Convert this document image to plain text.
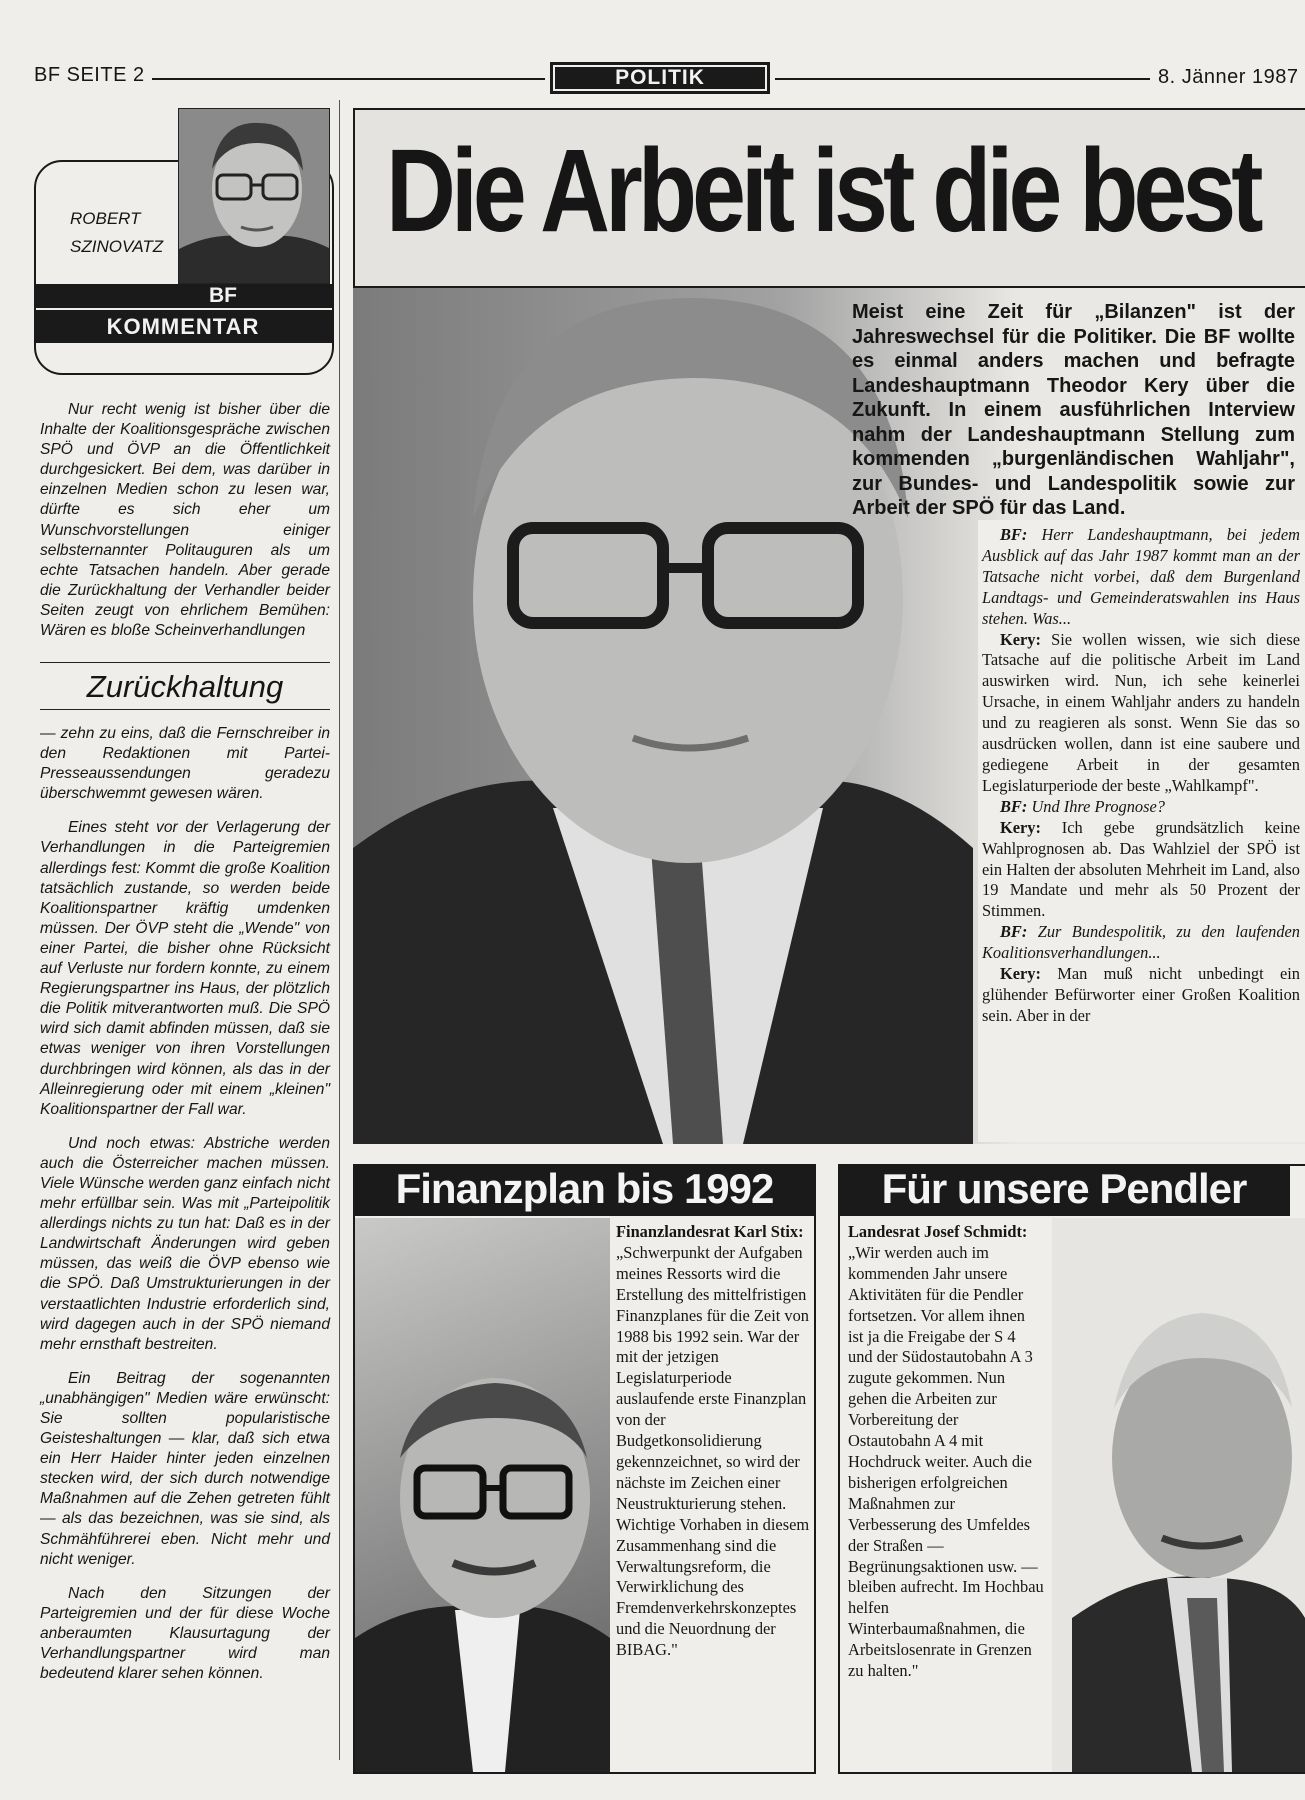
BF SEITE 2	POLITIK	8. Jänner 1987
ROBERT
SZINOVATZ
BF
KOMMENTAR

Nur recht wenig ist bisher über die Inhalte der Koalitionsgespräche zwischen SPÖ und ÖVP an die Öffentlichkeit durchgesickert. Bei dem, was darüber in einzelnen Medien schon zu lesen war, dürfte es sich eher um Wunschvorstellungen einiger selbsternannter Politauguren als um echte Tatsachen handeln. Aber gerade die Zurückhaltung der Verhandler beider Seiten zeugt von ehrlichem Bemühen: Wären es bloße Scheinverhandlungen

Zurückhaltung

— zehn zu eins, daß die Fernschreiber in den Redaktionen mit Partei-Presseaussendungen geradezu überschwemmt gewesen wären.

Eines steht vor der Verlagerung der Verhandlungen in die Parteigremien allerdings fest: Kommt die große Koalition tatsächlich zustande, so werden beide Koalitionspartner kräftig umdenken müssen. Der ÖVP steht die „Wende" von einer Partei, die bisher ohne Rücksicht auf Verluste nur fordern konnte, zu einem Regierungspartner ins Haus, der plötzlich die Politik mitverantworten muß. Die SPÖ wird sich damit abfinden müssen, daß sie etwas weniger von ihren Vorstellungen durchbringen wird können, als das in der Alleinregierung oder mit einem „kleinen" Koalitionspartner der Fall war.

Und noch etwas: Abstriche werden auch die Österreicher machen müssen. Viele Wünsche werden ganz einfach nicht mehr erfüllbar sein. Was mit „Parteipolitik allerdings nichts zu tun hat: Daß es in der Landwirtschaft Änderungen wird geben müssen, das weiß die ÖVP ebenso wie die SPÖ. Daß Umstrukturierungen in der verstaatlichten Industrie erforderlich sind, wird dagegen auch in der SPÖ niemand mehr ernsthaft bestreiten.

Ein Beitrag der sogenannten „unabhängigen" Medien wäre erwünscht: Sie sollten popularistische Geisteshaltungen — klar, daß sich etwa ein Herr Haider hinter jeden einzelnen stecken wird, der sich durch notwendige Maßnahmen auf die Zehen getreten fühlt — als das bezeichnen, was sie sind, als Schmähführerei eben. Nicht mehr und nicht weniger.

Nach den Sitzungen der Parteigremien und der für diese Woche anberaumten Klausurtagung der Verhandlungspartner wird man bedeutend klarer sehen können.

Die Arbeit ist die best
Meist eine Zeit für „Bilanzen" ist der Jahreswechsel für die Politiker. Die BF wollte es einmal anders machen und befragte Landeshauptmann Theodor Kery über die Zukunft. In einem ausführlichen Interview nahm der Landeshauptmann Stellung zum kommenden „burgenländischen Wahljahr", zur Bundes- und Landespolitik sowie zur Arbeit der SPÖ für das Land.

BF: Herr Landeshauptmann, bei jedem Ausblick auf das Jahr 1987 kommt man an der Tatsache nicht vorbei, daß dem Burgenland Landtags- und Gemeinderatswahlen ins Haus stehen. Was...

Kery: Sie wollen wissen, wie sich diese Tatsache auf die politische Arbeit im Land auswirken wird. Nun, ich sehe keinerlei Ursache, in einem Wahljahr anders zu handeln und zu reagieren als sonst. Wenn Sie das so ausdrücken wollen, dann ist eine saubere und gediegene Arbeit in der gesamten Legislaturperiode der beste „Wahlkampf".

BF: Und Ihre Prognose?

Kery: Ich gebe grundsätzlich keine Wahlprognosen ab. Das Wahlziel der SPÖ ist ein Halten der absoluten Mehrheit im Land, also 19 Mandate und mehr als 50 Prozent der Stimmen.

BF: Zur Bundespolitik, zu den laufenden Koalitionsverhandlungen...

Kery: Man muß nicht unbedingt ein glühender Befürworter einer Großen Koalition sein. Aber in der

Finanzplan bis 1992
Finanzlandesrat Karl Stix: „Schwerpunkt der Aufgaben meines Ressorts wird die Erstellung des mittelfristigen Finanzplanes für die Zeit von 1988 bis 1992 sein. War der mit der jetzigen Legislaturperiode auslaufende erste Finanzplan von der Budgetkonsolidierung gekennzeichnet, so wird der nächste im Zeichen einer Neustrukturierung stehen. Wichtige Vorhaben in diesem Zusammenhang sind die Verwaltungsreform, die Verwirklichung des Fremdenverkehrskonzeptes und die Neuordnung der BIBAG."
Für unsere Pendler
Landesrat Josef Schmidt: „Wir werden auch im kommenden Jahr unsere Aktivitäten für die Pendler fortsetzen. Vor allem ihnen ist ja die Freigabe der S 4 und der Südostautobahn A 3 zugute gekommen. Nun gehen die Arbeiten zur Vorbereitung der Ostautobahn A 4 mit Hochdruck weiter. Auch die bisherigen erfolgreichen Maßnahmen zur Verbesserung des Umfeldes der Straßen — Begrünungsaktionen usw. — bleiben aufrecht. Im Hochbau helfen Winterbaumaßnahmen, die Arbeitslosenrate in Grenzen zu halten."
